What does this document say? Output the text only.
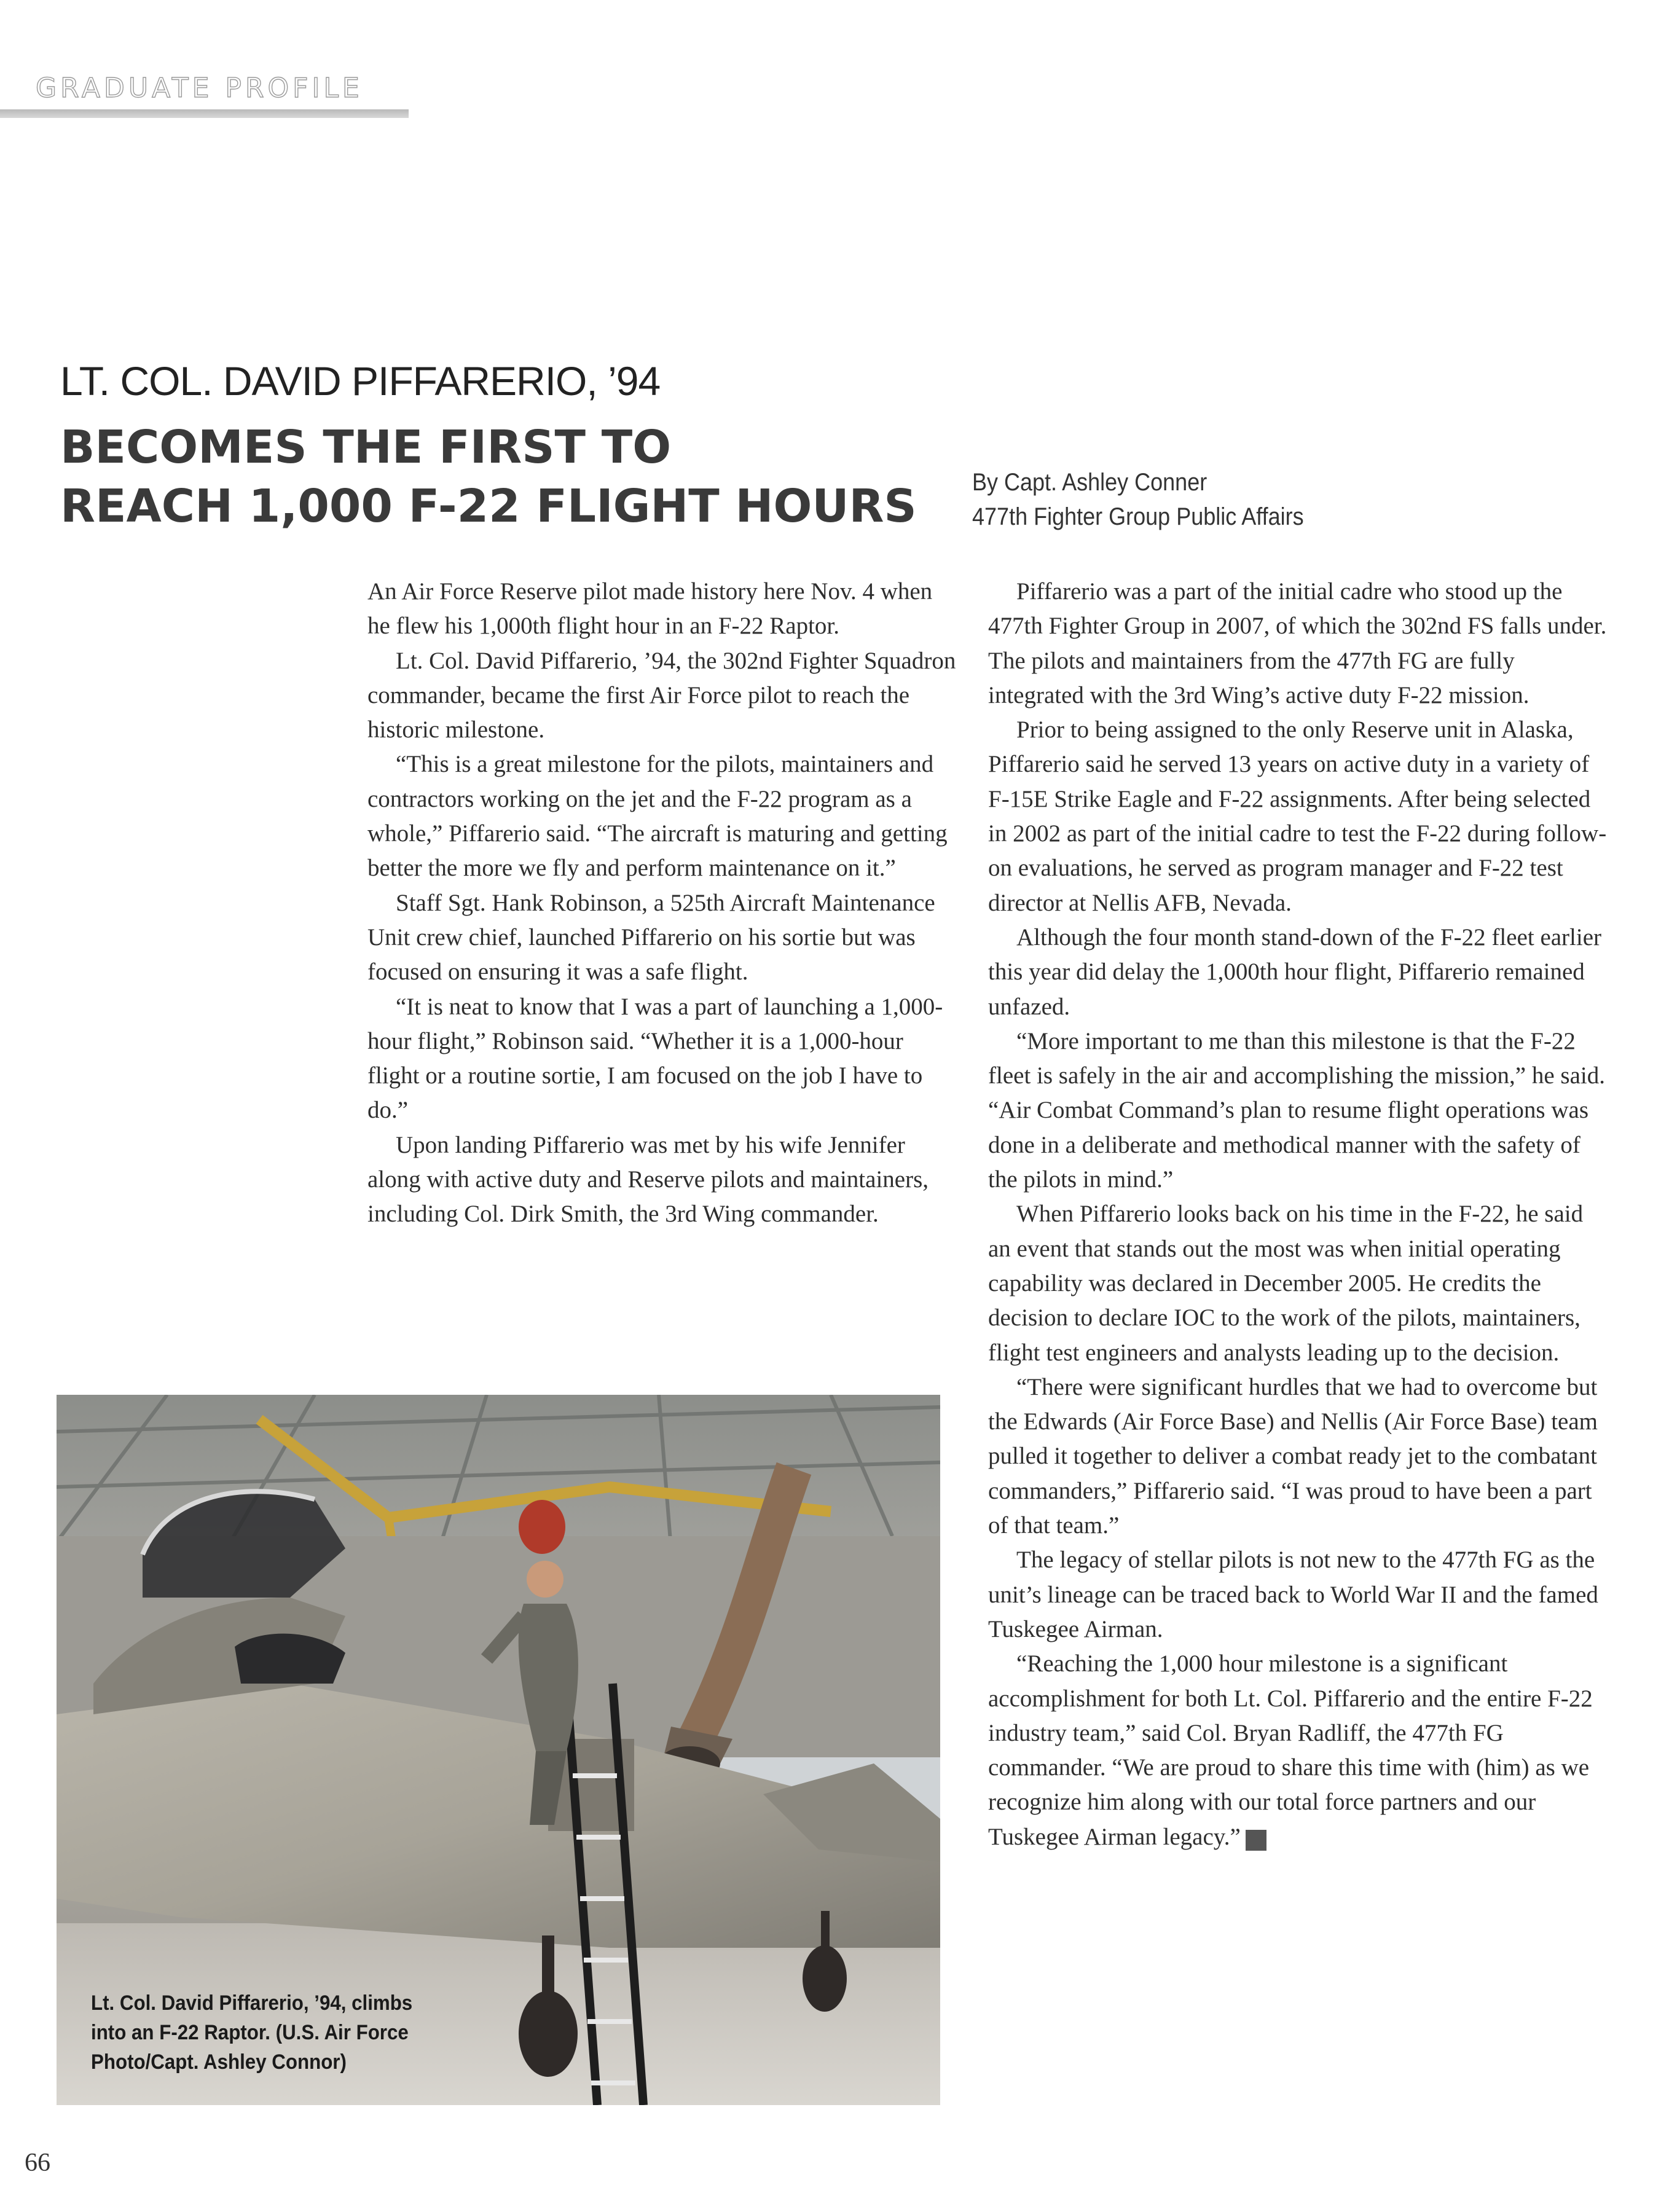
GRADUATE PROFILE
LT. COL. DAVID PIFFARERIO, ’94
BECOMES THE FIRST TO
REACH 1,000 F-22 FLIGHT HOURS By Capt. Ashley Conner
477th Fighter Group Public Affairs

An Air Force Reserve pilot made history here Nov. 4 when he flew his 1,000th flight hour in an F-22 Raptor.

Lt. Col. David Piffarerio, ’94, the 302nd Fighter Squadron commander, became the first Air Force pilot to reach the historic milestone.

“This is a great milestone for the pilots, maintainers and contractors working on the jet and the F-22 program as a whole,” Piffarerio said. “The aircraft is maturing and getting better the more we fly and perform maintenance on it.”

Staff Sgt. Hank Robinson, a 525th Aircraft Maintenance Unit crew chief, launched Piffarerio on his sortie but was focused on ensuring it was a safe flight.

“It is neat to know that I was a part of launching a 1,000-hour flight,” Robinson said. “Whether it is a 1,000-hour flight or a routine sortie, I am focused on the job I have to do.”

Upon landing Piffarerio was met by his wife Jennifer along with active duty and Reserve pilots and maintainers, including Col. Dirk Smith, the 3rd Wing commander.

Piffarerio was a part of the initial cadre who stood up the 477th Fighter Group in 2007, of which the 302nd FS falls under. The pilots and maintainers from the 477th FG are fully integrated with the 3rd Wing’s active duty F-22 mission.

Prior to being assigned to the only Reserve unit in Alaska, Piffarerio said he served 13 years on active duty in a variety of F-15E Strike Eagle and F-22 assignments. After being selected in 2002 as part of the initial cadre to test the F-22 during follow-on evaluations, he served as program manager and F-22 test director at Nellis AFB, Nevada.

Although the four month stand-down of the F-22 fleet earlier this year did delay the 1,000th hour flight, Piffarerio remained unfazed.

“More important to me than this milestone is that the F-22 fleet is safely in the air and accomplishing the mission,” he said. “Air Combat Command’s plan to resume flight operations was done in a deliberate and methodical manner with the safety of the pilots in mind.”

When Piffarerio looks back on his time in the F-22, he said an event that stands out the most was when initial operating capability was declared in December 2005. He credits the decision to declare IOC to the work of the pilots, maintainers, flight test engineers and analysts leading up to the decision.

“There were significant hurdles that we had to overcome but the Edwards (Air Force Base) and Nellis (Air Force Base) team pulled it together to deliver a combat ready jet to the combatant commanders,” Piffarerio said. “I was proud to have been a part of that team.”

The legacy of stellar pilots is not new to the 477th FG as the unit’s lineage can be traced back to World War II and the famed Tuskegee Airman.

“Reaching the 1,000 hour milestone is a significant accomplishment for both Lt. Col. Piffarerio and the entire F-22 industry team,” said Col. Bryan Radliff, the 477th FG commander. “We are proud to share this time with (him) as we recognize him along with our total force partners and our Tuskegee Airman legacy.” ✓

Lt. Col. David Piffarerio, ’94, climbs into an F-22 Raptor. (U.S. Air Force Photo/Capt. Ashley Connor)
66
